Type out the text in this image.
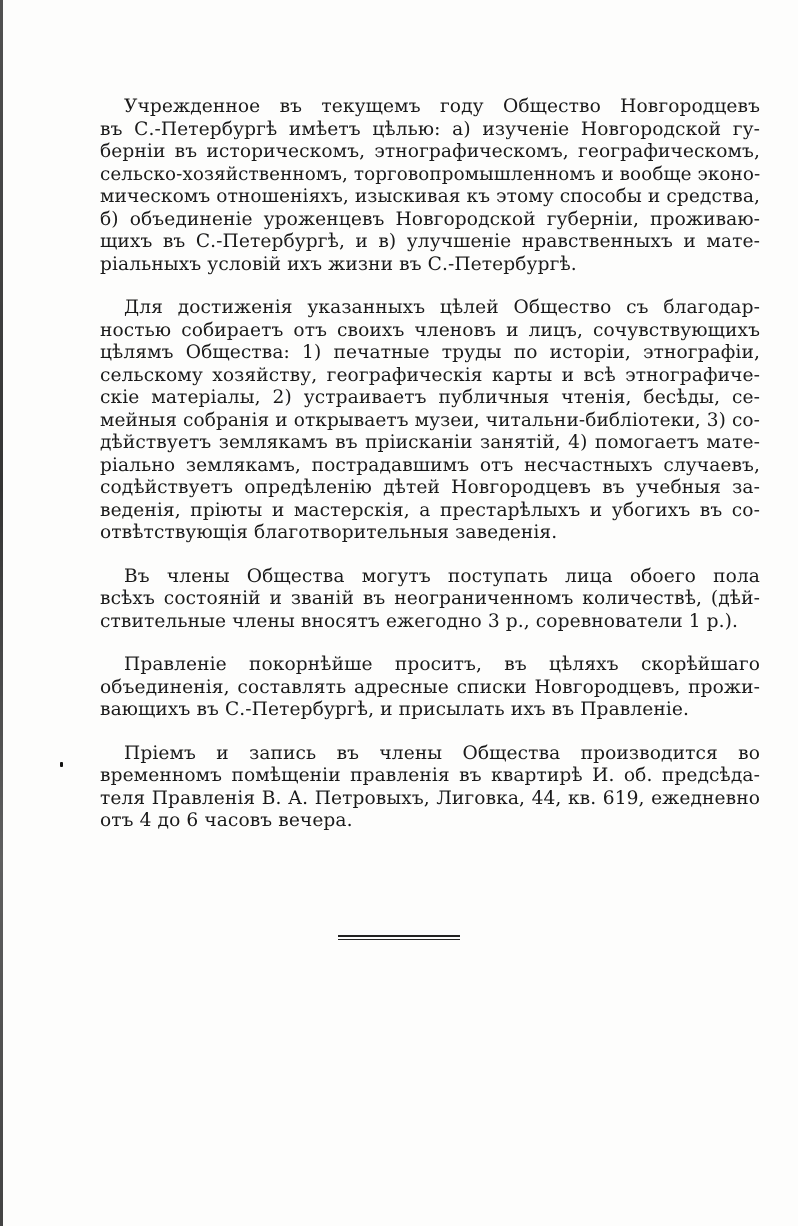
Учрежденное въ текущемъ году Общество Новгородцевъ
въ С.-Петербургѣ имѣетъ цѣлью: а) изученіе Новгородской гу-
берніи въ историческомъ, этнографическомъ, географическомъ,
сельско-хозяйственномъ, торговопромышленномъ и вообще эконо-
мическомъ отношеніяхъ, изыскивая къ этому способы и средства,
б) объединеніе уроженцевъ Новгородской губерніи, проживаю-
щихъ въ С.-Петербургѣ, и в) улучшеніе нравственныхъ и мате-
ріальныхъ условій ихъ жизни въ С.-Петербургѣ.

Для достиженія указанныхъ цѣлей Общество съ благодар-
ностью собираетъ отъ своихъ членовъ и лицъ, сочувствующихъ
цѣлямъ Общества: 1) печатные труды по исторіи, этнографіи,
сельскому хозяйству, географическія карты и всѣ этнографиче-
скіе матеріалы, 2) устраиваетъ публичныя чтенія, бесѣды, се-
мейныя собранія и открываетъ музеи, читальни-библіотеки, 3) со-
дѣйствуетъ землякамъ въ пріисканіи занятій, 4) помогаетъ мате-
ріально землякамъ, пострадавшимъ отъ несчастныхъ случаевъ,
содѣйствуетъ опредѣленію дѣтей Новгородцевъ въ учебныя за-
веденія, пріюты и мастерскія, а престарѣлыхъ и убогихъ въ со-
отвѣтствующія благотворительныя заведенія.

Въ члены Общества могутъ поступать лица обоего пола
всѣхъ состояній и званій въ неограниченномъ количествѣ, (дѣй-
ствительные члены вносятъ ежегодно 3 р., соревнователи 1 р.).

Правленіе покорнѣйше проситъ, въ цѣляхъ скорѣйшаго
объединенія, составлять адресные списки Новгородцевъ, прожи-
вающихъ въ С.-Петербургѣ, и присылать ихъ въ Правленіе.

Пріемъ и запись въ члены Общества производится во
временномъ помѣщеніи правленія въ квартирѣ И. об. предсѣда-
теля Правленія В. А. Петровыхъ, Лиговка, 44, кв. 619, ежедневно
отъ 4 до 6 часовъ вечера.
